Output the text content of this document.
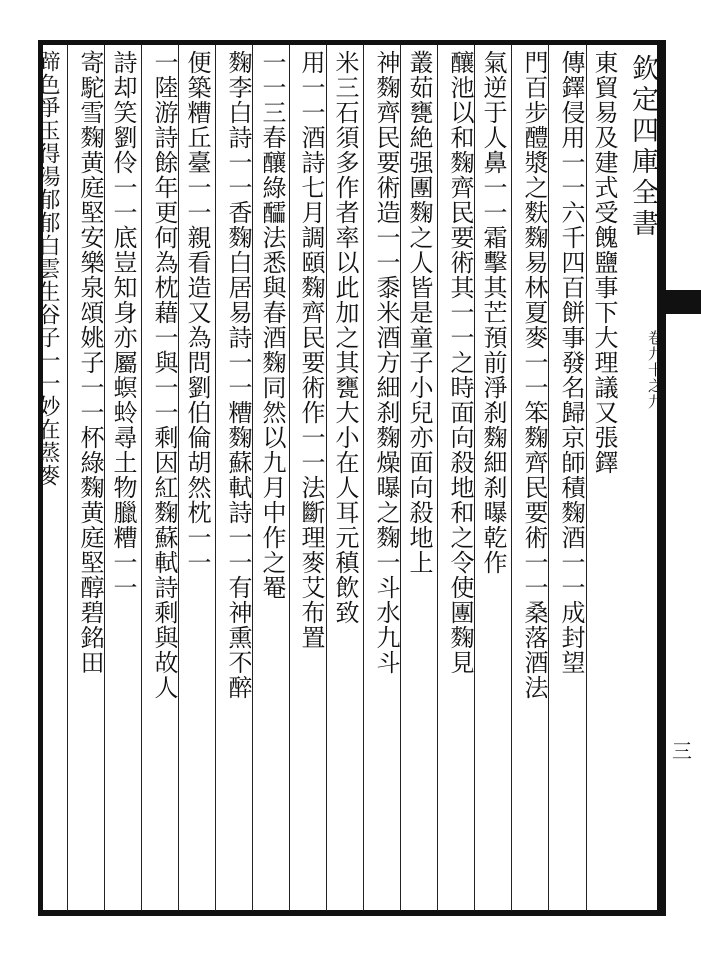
欽定四庫全書
卷九十之九
三
東貿易及建式受餽鹽事下大理議又張鐸
傳鐸侵用一一六千四百餅事發名歸京師積麴酒一一成封望
門百步醴漿之麩麴易林夏麥一一笨麴齊民要術一一桑落酒法
氣逆于人鼻一一霜擊其芒預前淨刹麴細刹曝乾作
釀池以和麴齊民要術其一一之時面向殺地和之令使團麴見
叢茹甕絶强團麴之人皆是童子小兒亦面向殺地上
神麴齊民要術造一一黍米酒方細刹麴燥曝之麴一斗水九斗
米三石須多作者率以此加之其甕大小在人耳元稹飲致
用一一酒詩七月調頤麴齊民要術作一一法斷理麥艾布置
一一三春釀綠醽法悉與春酒麴同然以九月中作之罨
麴李白詩一一香麴白居易詩一一糟麴蘇軾詩一一有神熏不醉
便築糟丘臺一一親看造又為問劉伯倫胡然枕一一
一陸游詩餘年更何為枕藉一與一一剩因紅麴蘇軾詩剩與故人
詩却笑劉伶一一底豈知身亦屬螟蛉尋土物臘糟一一
寄駝雪麴黄庭堅安樂泉頌姚子一一杯綠麴黄庭堅醇碧銘田
蹄色爭玉得湯郁郁白雲生谷子一一妙在蒸麥
